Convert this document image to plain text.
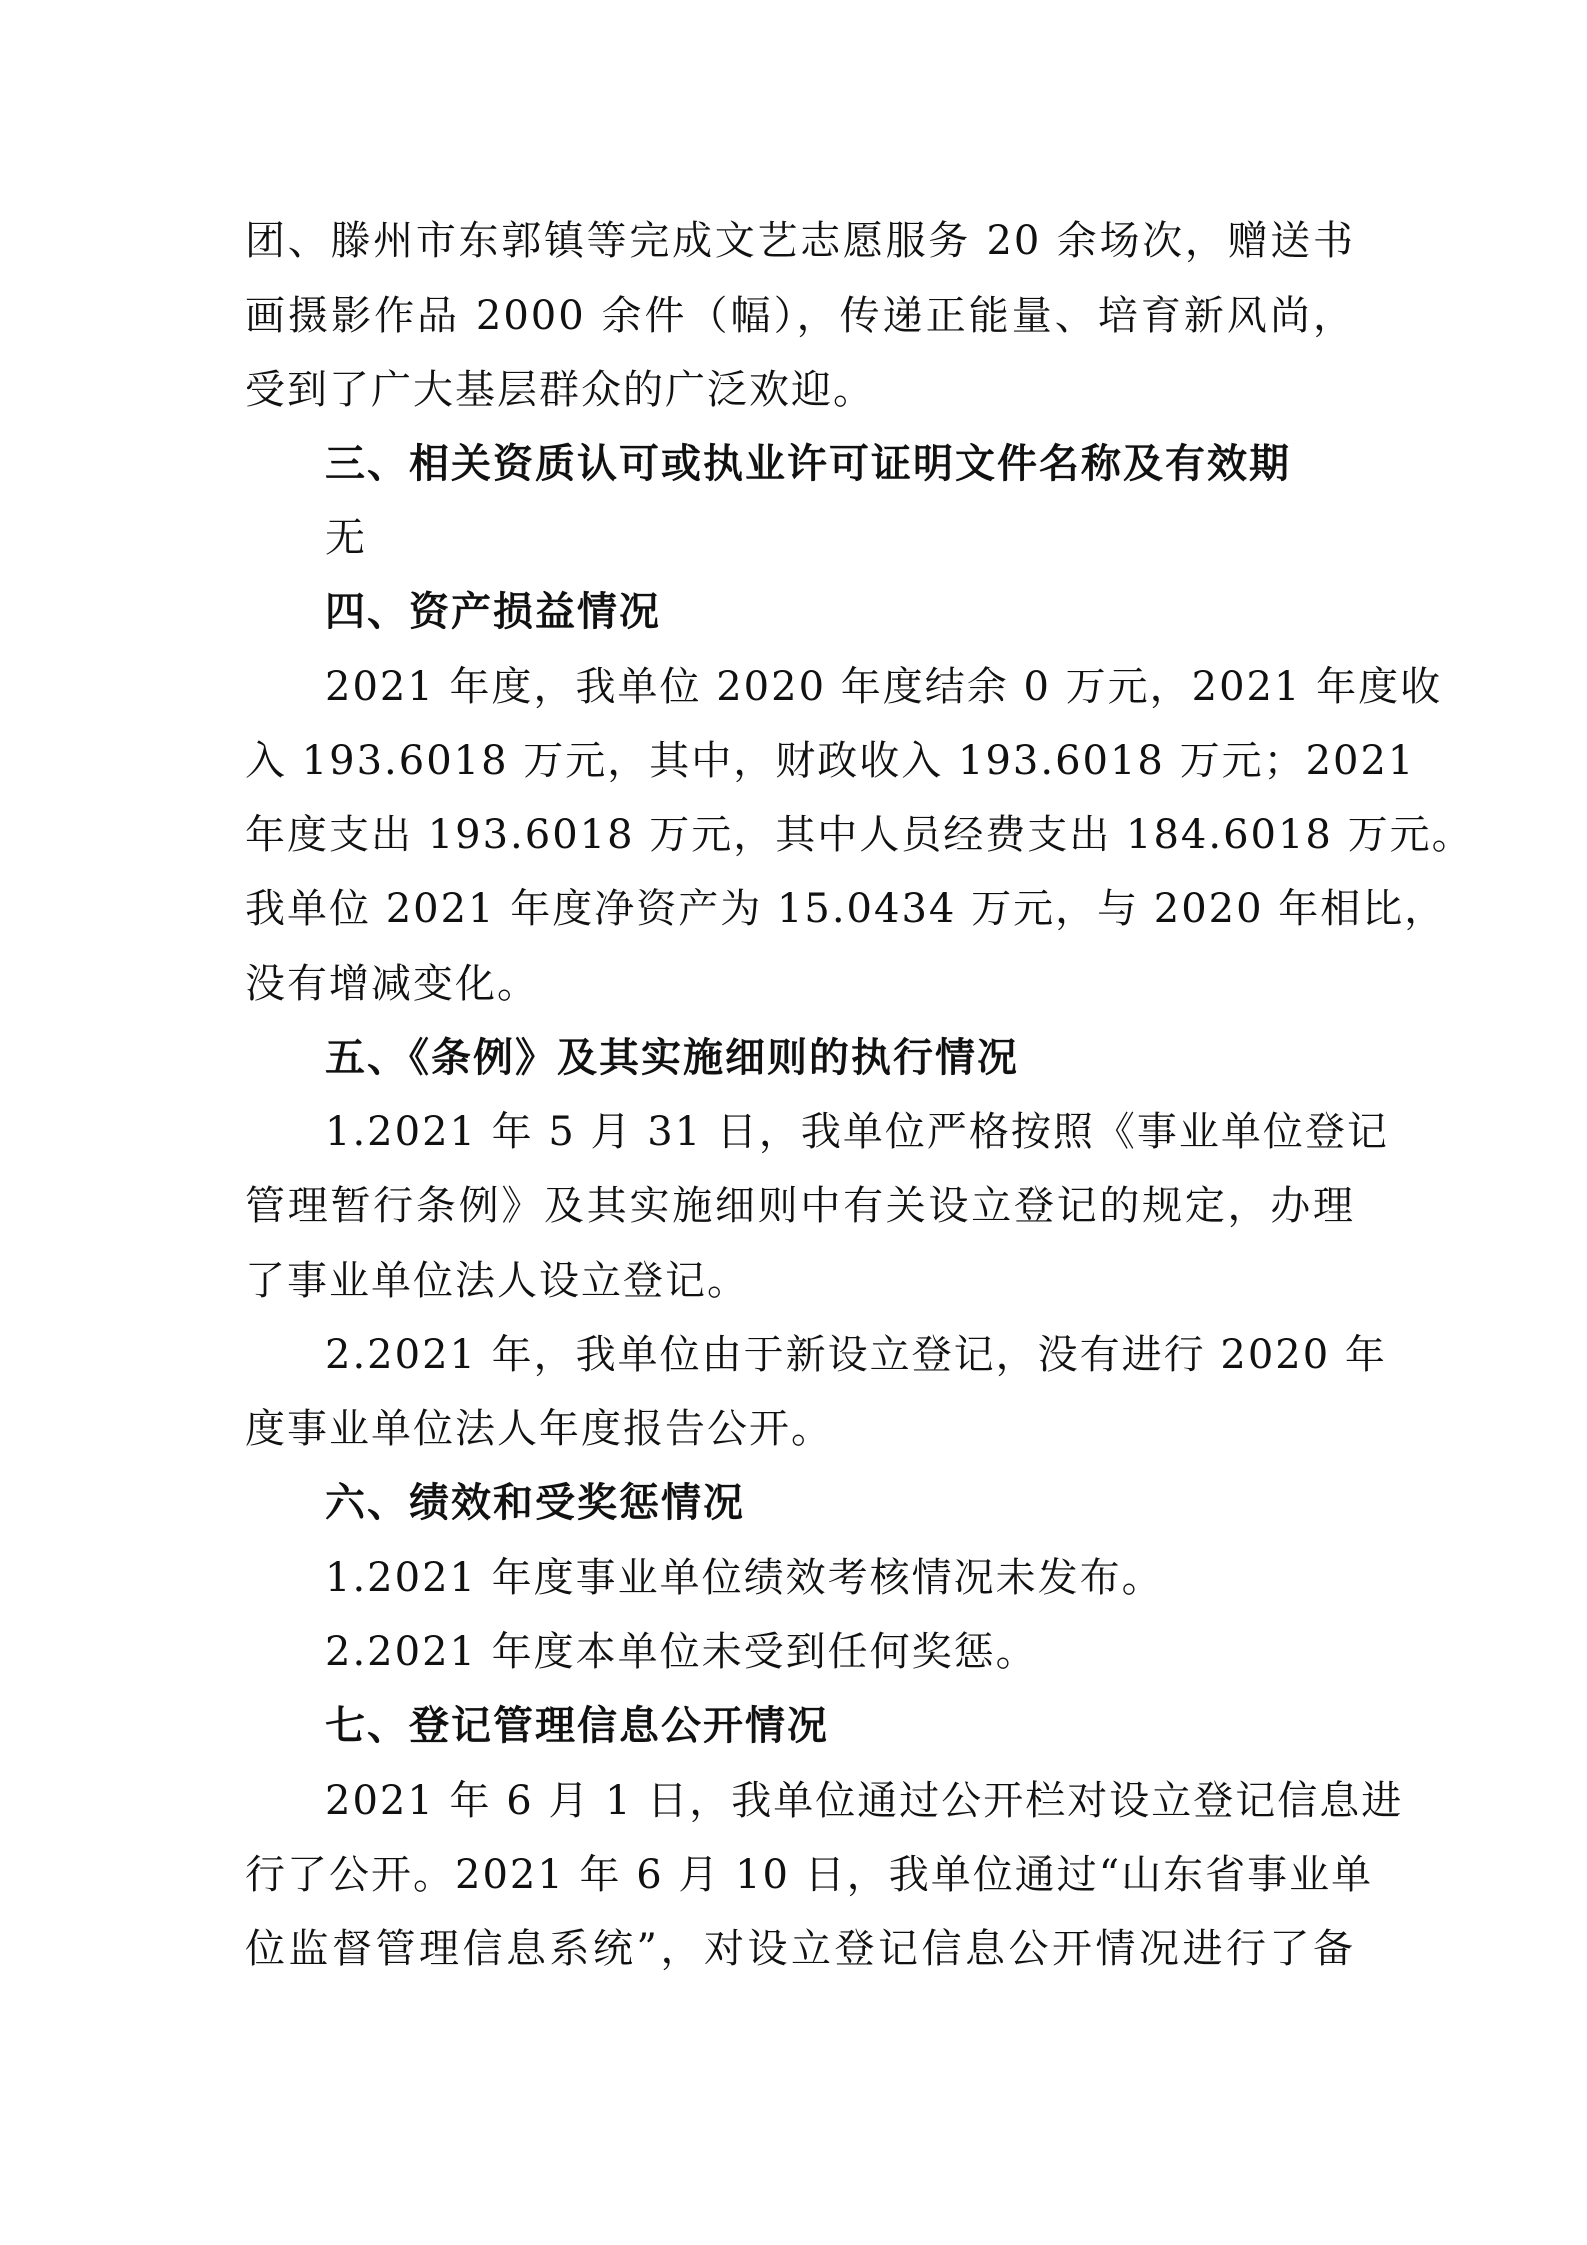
团、滕州市东郭镇等完成文艺志愿服务 20 余场次，赠送书
画摄影作品 2000 余件（幅），传递正能量、培育新风尚，
受到了广大基层群众的广泛欢迎。
三、相关资质认可或执业许可证明文件名称及有效期
无
四、资产损益情况
2021 年度，我单位 2020 年度结余 0 万元，2021 年度收
入 193.6018 万元，其中，财政收入 193.6018 万元；2021
年度支出 193.6018 万元，其中人员经费支出 184.6018 万元。
我单位 2021 年度净资产为 15.0434 万元，与 2020 年相比，
没有增减变化。
五、《条例》及其实施细则的执行情况
1.2021 年 5 月 31 日，我单位严格按照《事业单位登记
管理暂行条例》及其实施细则中有关设立登记的规定，办理
了事业单位法人设立登记。
2.2021 年，我单位由于新设立登记，没有进行 2020 年
度事业单位法人年度报告公开。
六、绩效和受奖惩情况
1.2021 年度事业单位绩效考核情况未发布。
2.2021 年度本单位未受到任何奖惩。
七、登记管理信息公开情况
2021 年 6 月 1 日，我单位通过公开栏对设立登记信息进
行了公开。2021 年 6 月 10 日，我单位通过“山东省事业单
位监督管理信息系统”，对设立登记信息公开情况进行了备
